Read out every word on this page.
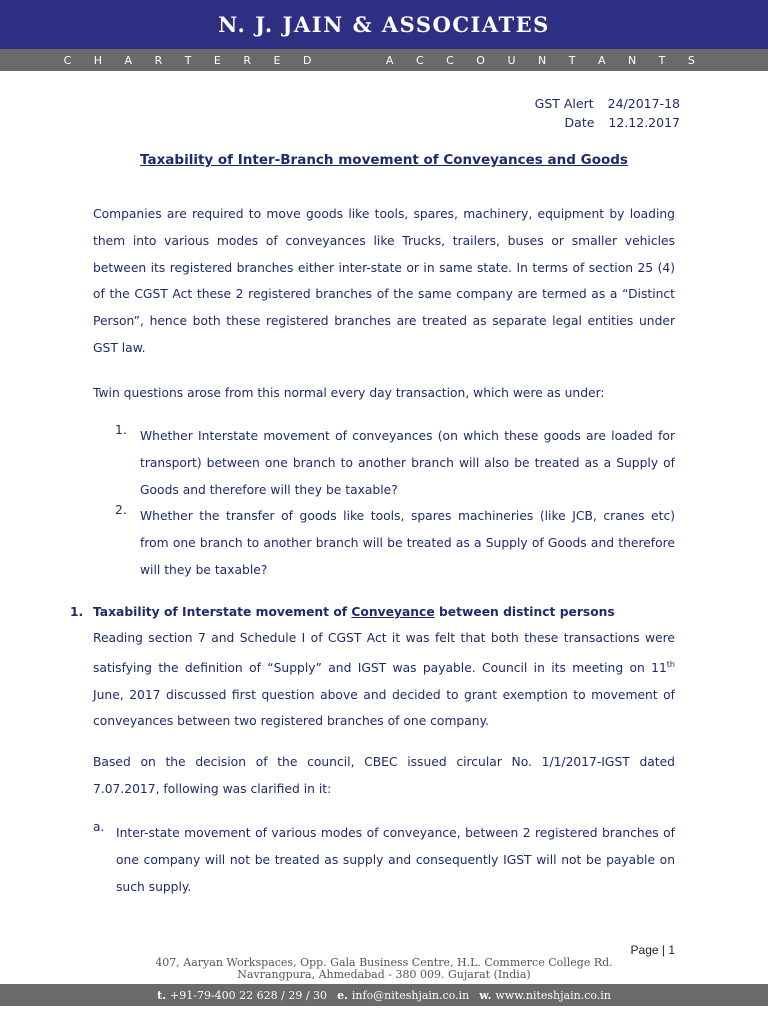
N. J. JAIN & ASSOCIATES
C H A R T E R E D     A C C O U N T A N T S
GST Alert 24/2017-18
Date 12.12.2017
Taxability of Inter-Branch movement of Conveyances and Goods

Companies are required to move goods like tools, spares, machinery, equipment by loading them into various modes of conveyances like Trucks, trailers, buses or smaller vehicles between its registered branches either inter-state or in same state. In terms of section 25 (4) of the CGST Act these 2 registered branches of the same company are termed as a “Distinct Person”, hence both these registered branches are treated as separate legal entities under GST law.

Twin questions arose from this normal every day transaction, which were as under:

1.	Whether Interstate movement of conveyances (on which these goods are loaded for transport) between one branch to another branch will also be treated as a Supply of Goods and therefore will they be taxable?
2.	Whether the transfer of goods like tools, spares machineries (like JCB, cranes etc) from one branch to another branch will be treated as a Supply of Goods and therefore will they be taxable?
1. Taxability of Interstate movement of Conveyance between distinct persons

Reading section 7 and Schedule I of CGST Act it was felt that both these transactions were satisfying the definition of “Supply” and IGST was payable. Council in its meeting on 11th June, 2017 discussed first question above and decided to grant exemption to movement of conveyances between two registered branches of one company.

Based on the decision of the council, CBEC issued circular No. 1/1/2017-IGST dated 7.07.2017, following was clarified in it:

a. Inter-state movement of various modes of conveyance, between 2 registered branches of one company will not be treated as supply and consequently IGST will not be payable on such supply.
Page | 1
407, Aaryan Workspaces, Opp. Gala Business Centre, H.L. Commerce College Rd.
Navrangpura, Ahmedabad - 380 009. Gujarat (India)
t. +91-79-400 22 628 / 29 / 30 e. info@niteshjain.co.in w. www.niteshjain.co.in
